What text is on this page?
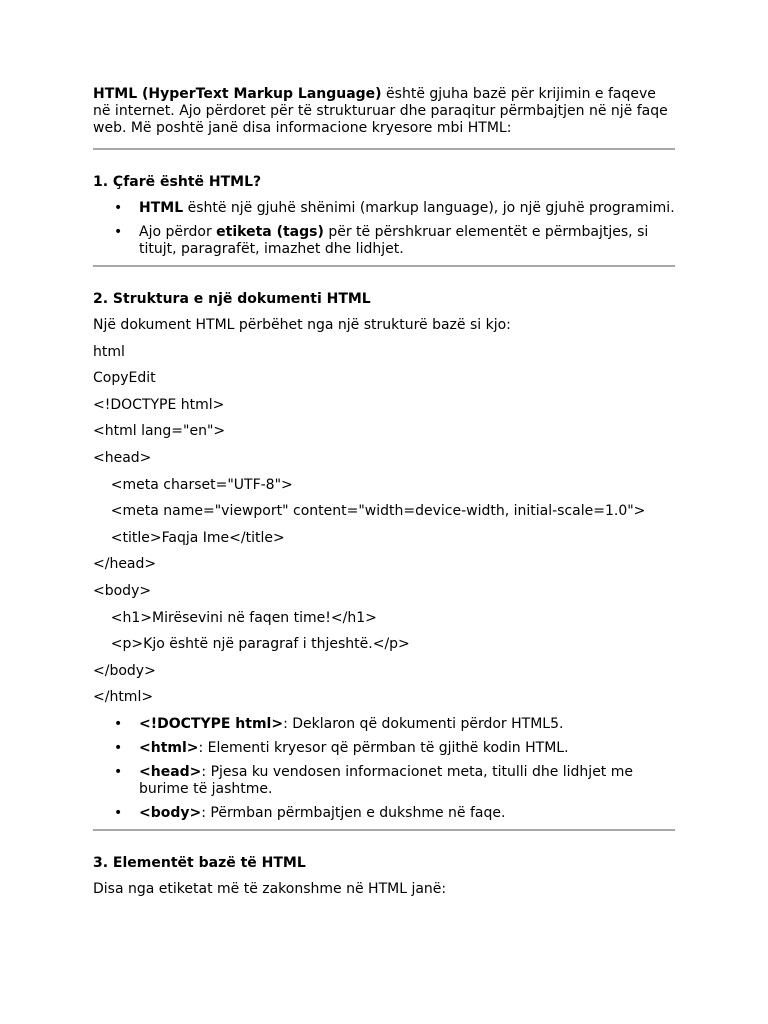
HTML (HyperText Markup Language) është gjuha bazë për krijimin e faqeve në internet. Ajo përdoret për të strukturuar dhe paraqitur përmbajtjen në një faqe web. Më poshtë janë disa informacione kryesore mbi HTML:

1. Çfarë është HTML?
• HTML është një gjuhë shënimi (markup language), jo një gjuhë programimi.
• Ajo përdor etiketa (tags) për të përshkruar elementët e përmbajtjes, si titujt, paragrafët, imazhet dhe lidhjet.
2. Struktura e një dokumenti HTML

Një dokument HTML përbëhet nga një strukturë bazë si kjo:

html

CopyEdit

<!DOCTYPE html>

<html lang="en">

<head>

<meta charset="UTF-8">

<meta name="viewport" content="width=device-width, initial-scale=1.0">

<title>Faqja Ime</title>

</head>

<body>

<h1>Mirësevini në faqen time!</h1>

<p>Kjo është një paragraf i thjeshtë.</p>

</body>

</html>

• <!DOCTYPE html>: Deklaron që dokumenti përdor HTML5.
• <html>: Elementi kryesor që përmban të gjithë kodin HTML.
• <head>: Pjesa ku vendosen informacionet meta, titulli dhe lidhjet me burime të jashtme.
• <body>: Përmban përmbajtjen e dukshme në faqe.
3. Elementët bazë të HTML

Disa nga etiketat më të zakonshme në HTML janë:
